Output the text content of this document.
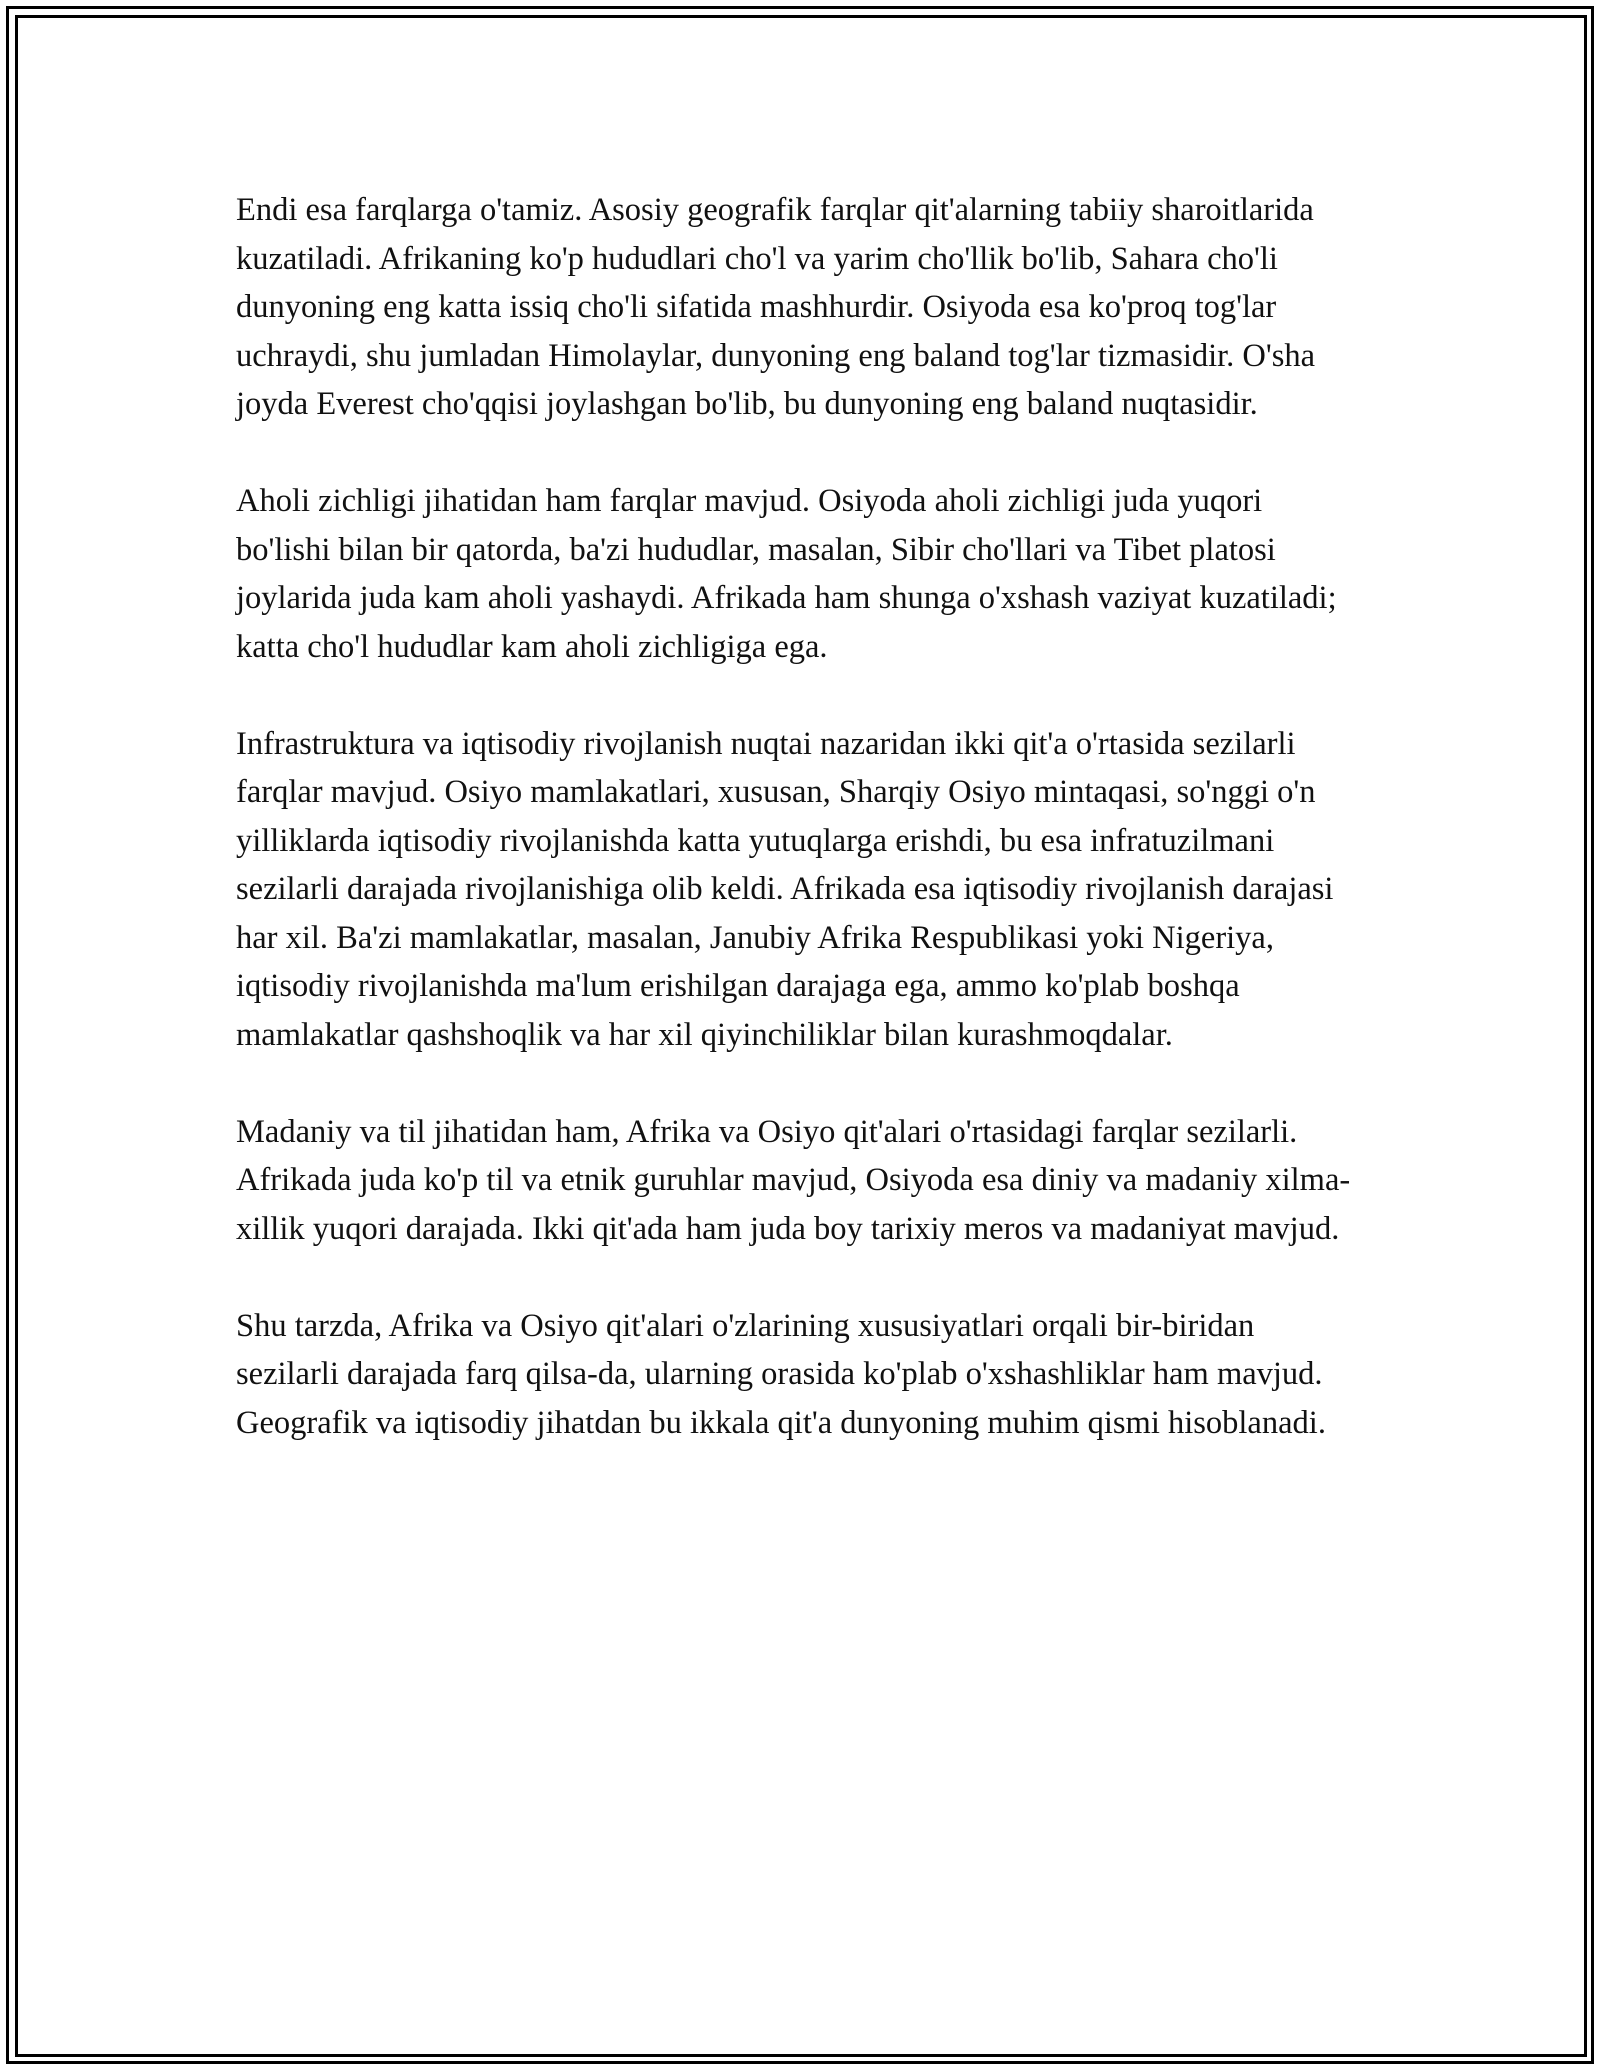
Endi esa farqlarga o'tamiz. Asosiy geografik farqlar qit'alarning tabiiy sharoitlarida kuzatiladi. Afrikaning ko'p hududlari cho'l va yarim cho'llik bo'lib, Sahara cho'li dunyoning eng katta issiq cho'li sifatida mashhurdir. Osiyoda esa ko'proq tog'lar uchraydi, shu jumladan Himolaylar, dunyoning eng baland tog'lar tizmasidir. O'sha joyda Everest cho'qqisi joylashgan bo'lib, bu dunyoning eng baland nuqtasidir.

Aholi zichligi jihatidan ham farqlar mavjud. Osiyoda aholi zichligi juda yuqori bo'lishi bilan bir qatorda, ba'zi hududlar, masalan, Sibir cho'llari va Tibet platosi joylarida juda kam aholi yashaydi. Afrikada ham shunga o'xshash vaziyat kuzatiladi; katta cho'l hududlar kam aholi zichligiga ega.

Infrastruktura va iqtisodiy rivojlanish nuqtai nazaridan ikki qit'a o'rtasida sezilarli farqlar mavjud. Osiyo mamlakatlari, xususan, Sharqiy Osiyo mintaqasi, so'nggi o'n yilliklarda iqtisodiy rivojlanishda katta yutuqlarga erishdi, bu esa infratuzilmani sezilarli darajada rivojlanishiga olib keldi. Afrikada esa iqtisodiy rivojlanish darajasi har xil. Ba'zi mamlakatlar, masalan, Janubiy Afrika Respublikasi yoki Nigeriya, iqtisodiy rivojlanishda ma'lum erishilgan darajaga ega, ammo ko'plab boshqa mamlakatlar qashshoqlik va har xil qiyinchiliklar bilan kurashmoqdalar.

Madaniy va til jihatidan ham, Afrika va Osiyo qit'alari o'rtasidagi farqlar sezilarli. Afrikada juda ko'p til va etnik guruhlar mavjud, Osiyoda esa diniy va madaniy xilma-xillik yuqori darajada. Ikki qit'ada ham juda boy tarixiy meros va madaniyat mavjud.

Shu tarzda, Afrika va Osiyo qit'alari o'zlarining xususiyatlari orqali bir-biridan sezilarli darajada farq qilsa-da, ularning orasida ko'plab o'xshashliklar ham mavjud. Geografik va iqtisodiy jihatdan bu ikkala qit'a dunyoning muhim qismi hisoblanadi.
